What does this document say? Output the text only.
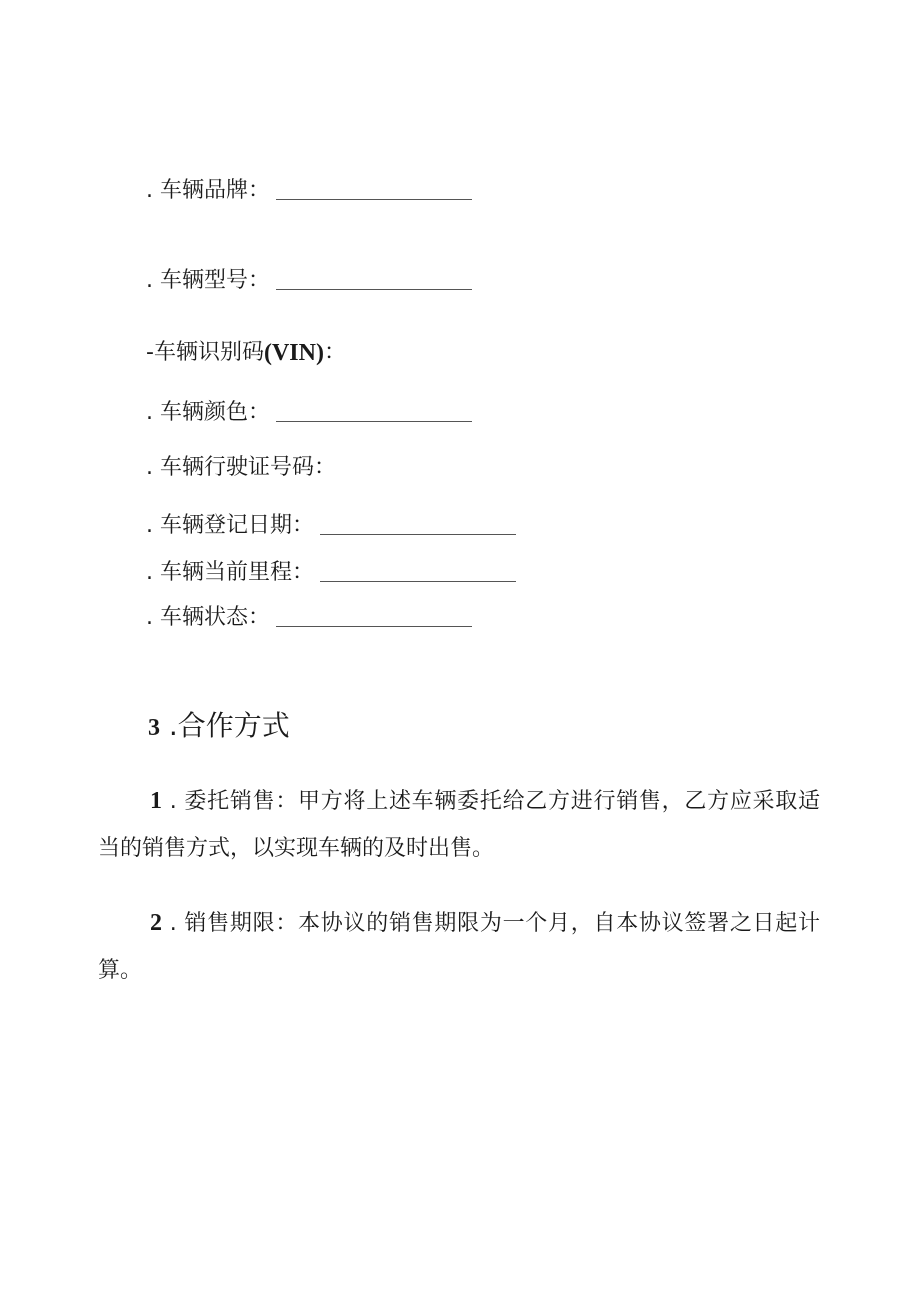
. 车辆品牌：
. 车辆型号：
-车辆识别码 (VIN) ：
. 车辆颜色：
. 车辆行驶证号码：
. 车辆登记日期：
. 车辆当前里程：
. 车辆状态：
3 .合作方式

1 . 委托销售：甲方将上述车辆委托给乙方进行销售，乙方应采取适当的销售方式，以实现车辆的及时出售。

2 . 销售期限：本协议的销售期限为一个月，自本协议签署之日起计算。
